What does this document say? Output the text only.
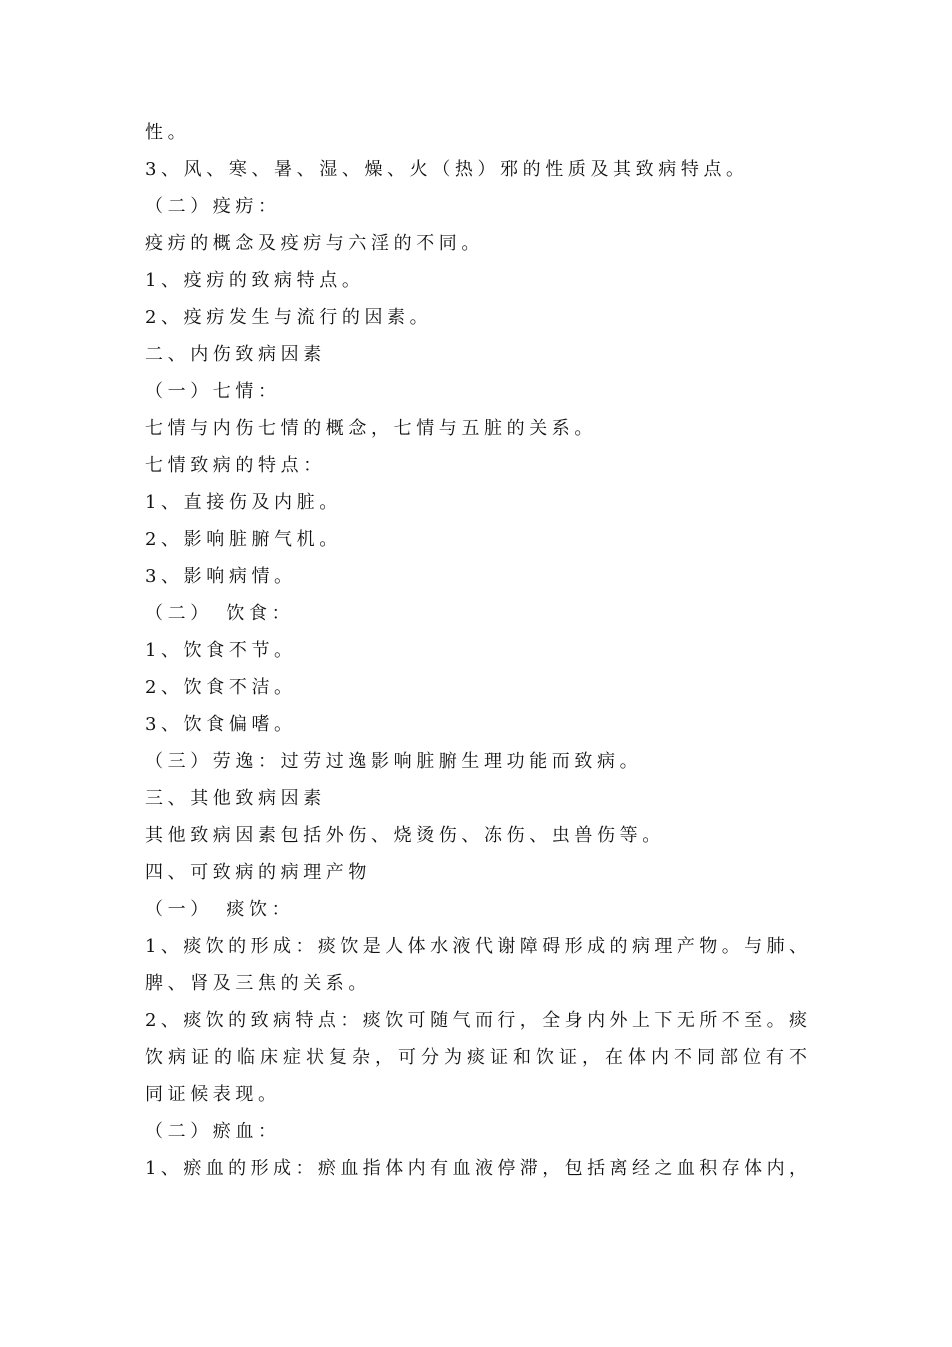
性。
3、风、寒、暑、湿、燥、火（热）邪的性质及其致病特点。
（二）疫疠：
疫疠的概念及疫疠与六淫的不同。
1、疫疠的致病特点。
2、疫疠发生与流行的因素。
二、内伤致病因素
（一）七情：
七情与内伤七情的概念，七情与五脏的关系。
七情致病的特点：
1、直接伤及内脏。
2、影响脏腑气机。
3、影响病情。
（二）　饮食：
1、饮食不节。
2、饮食不洁。
3、饮食偏嗜。
（三）劳逸：过劳过逸影响脏腑生理功能而致病。
三、其他致病因素
其他致病因素包括外伤、烧烫伤、冻伤、虫兽伤等。
四、可致病的病理产物
（一）　痰饮：
1、痰饮的形成：痰饮是人体水液代谢障碍形成的病理产物。与肺、
脾、肾及三焦的关系。
2、痰饮的致病特点：痰饮可随气而行，全身内外上下无所不至。痰
饮病证的临床症状复杂，可分为痰证和饮证，在体内不同部位有不
同证候表现。
（二）瘀血：
1、瘀血的形成：瘀血指体内有血液停滞，包括离经之血积存体内，
